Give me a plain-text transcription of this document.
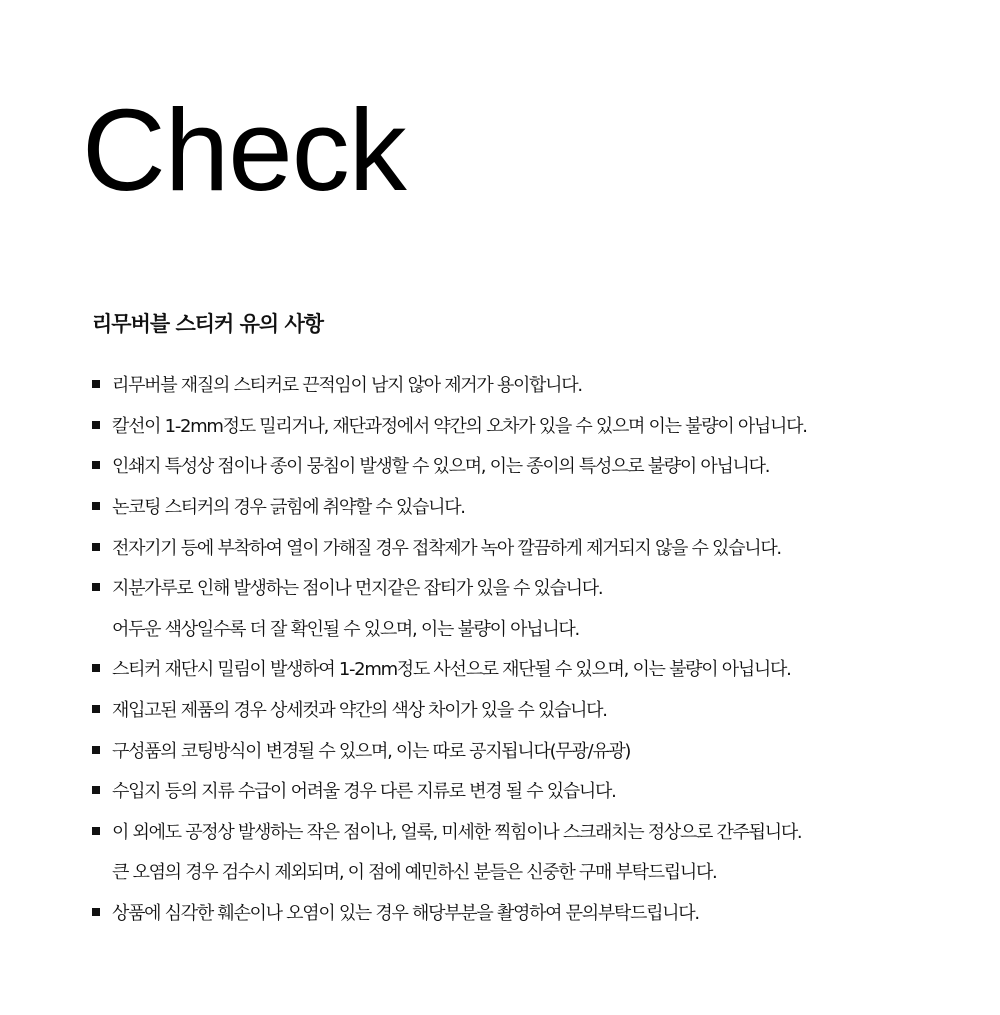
Check
리무버블 스티커 유의 사항
리무버블 재질의 스티커로 끈적임이 남지 않아 제거가 용이합니다.
칼선이 1-2mm정도 밀리거나, 재단과정에서 약간의 오차가 있을 수 있으며 이는 불량이 아닙니다.
인쇄지 특성상 점이나 종이 뭉침이 발생할 수 있으며, 이는 종이의 특성으로 불량이 아닙니다.
논코팅 스티커의 경우 긁힘에 취약할 수 있습니다.
전자기기 등에 부착하여 열이 가해질 경우 접착제가 녹아 깔끔하게 제거되지 않을 수 있습니다.
지분가루로 인해 발생하는 점이나 먼지같은 잡티가 있을 수 있습니다.
어두운 색상일수록 더 잘 확인될 수 있으며, 이는 불량이 아닙니다.
스티커 재단시 밀림이 발생하여 1-2mm정도 사선으로 재단될 수 있으며, 이는 불량이 아닙니다.
재입고된 제품의 경우 상세컷과 약간의 색상 차이가 있을 수 있습니다.
구성품의 코팅방식이 변경될 수 있으며, 이는 따로 공지됩니다(무광/유광)
수입지 등의 지류 수급이 어려울 경우 다른 지류로 변경 될 수 있습니다.
이 외에도 공정상 발생하는 작은 점이나, 얼룩, 미세한 찍힘이나 스크래치는 정상으로 간주됩니다.
큰 오염의 경우 검수시 제외되며, 이 점에 예민하신 분들은 신중한 구매 부탁드립니다.
상품에 심각한 훼손이나 오염이 있는 경우 해당부분을 촬영하여 문의부탁드립니다.
